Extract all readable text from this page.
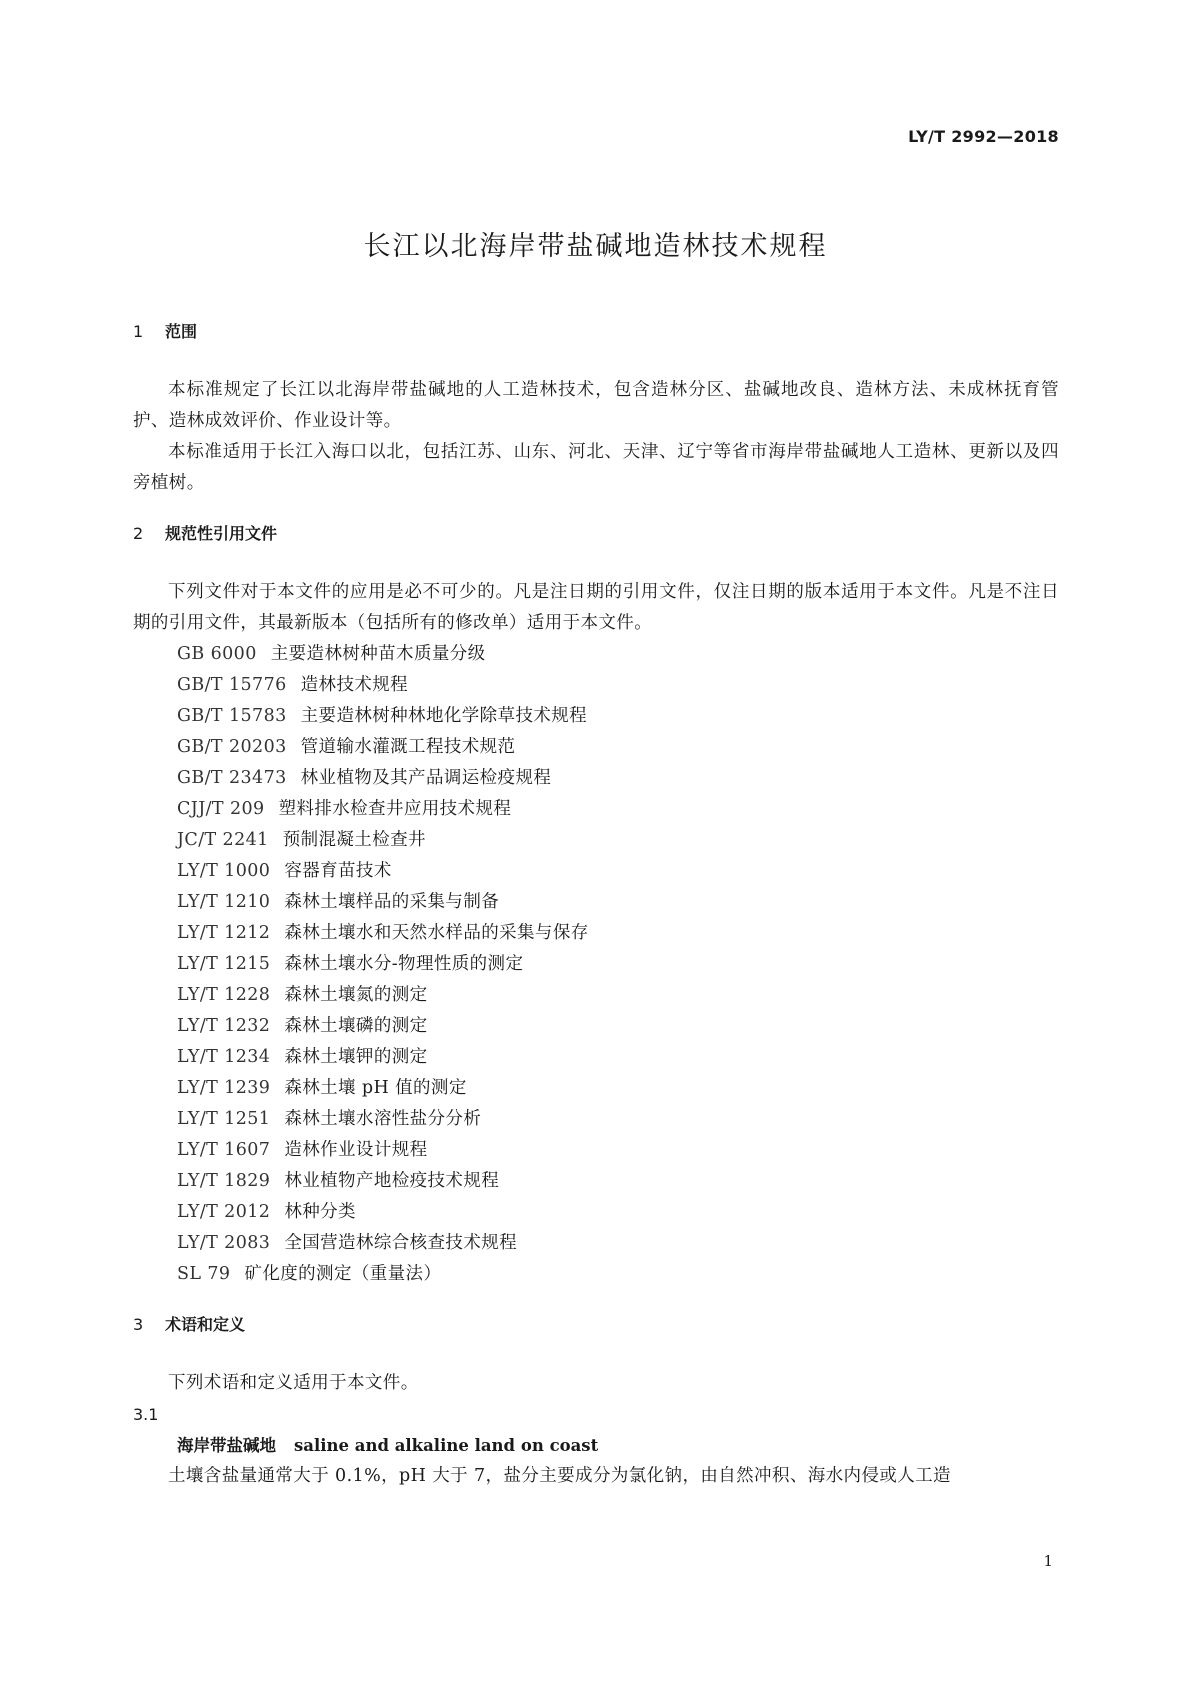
LY/T 2992—2018
长江以北海岸带盐碱地造林技术规程
1 范围

本标准规定了长江以北海岸带盐碱地的人工造林技术，包含造林分区、盐碱地改良、造林方法、未成林抚育管护、造林成效评价、作业设计等。

本标准适用于长江入海口以北，包括江苏、山东、河北、天津、辽宁等省市海岸带盐碱地人工造林、更新以及四旁植树。

2 规范性引用文件

下列文件对于本文件的应用是必不可少的。凡是注日期的引用文件，仅注日期的版本适用于本文件。凡是不注日期的引用文件，其最新版本（包括所有的修改单）适用于本文件。

GB 6000 主要造林树种苗木质量分级
GB/T 15776 造林技术规程
GB/T 15783 主要造林树种林地化学除草技术规程
GB/T 20203 管道输水灌溉工程技术规范
GB/T 23473 林业植物及其产品调运检疫规程
CJJ/T 209 塑料排水检查井应用技术规程
JC/T 2241 预制混凝土检查井
LY/T 1000 容器育苗技术
LY/T 1210 森林土壤样品的采集与制备
LY/T 1212 森林土壤水和天然水样品的采集与保存
LY/T 1215 森林土壤水分-物理性质的测定
LY/T 1228 森林土壤氮的测定
LY/T 1232 森林土壤磷的测定
LY/T 1234 森林土壤钾的测定
LY/T 1239 森林土壤 pH 值的测定
LY/T 1251 森林土壤水溶性盐分分析
LY/T 1607 造林作业设计规程
LY/T 1829 林业植物产地检疫技术规程
LY/T 2012 林种分类
LY/T 2083 全国营造林综合核查技术规程
SL 79 矿化度的测定（重量法）
3 术语和定义

下列术语和定义适用于本文件。

3.1

海岸带盐碱地 saline and alkaline land on coast

土壤含盐量通常大于 0.1%，pH 大于 7，盐分主要成分为氯化钠，由自然冲积、海水内侵或人工造

1
